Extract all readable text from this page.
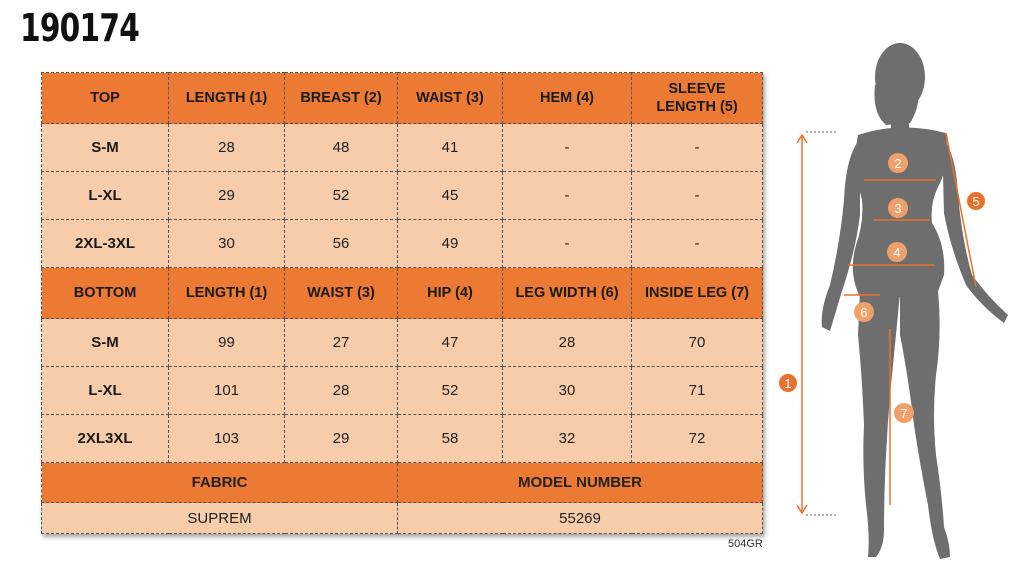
190174
TOP	LENGTH (1)	BREAST (2)	WAIST (3)	HEM (4)	SLEEVE LENGTH (5)
S-M	28	48	41	-	-
L-XL	29	52	45	-	-
2XL-3XL	30	56	49	-	-
BOTTOM	LENGTH (1)	WAIST (3)	HIP (4)	LEG WIDTH (6)	INSIDE LEG (7)
S-M	99	27	47	28	70
L-XL	101	28	52	30	71
2XL3XL	103	29	58	32	72
FABRIC			MODEL NUMBER		
SUPREM			55269		
504GR
1
2
3
4
5
6
7
